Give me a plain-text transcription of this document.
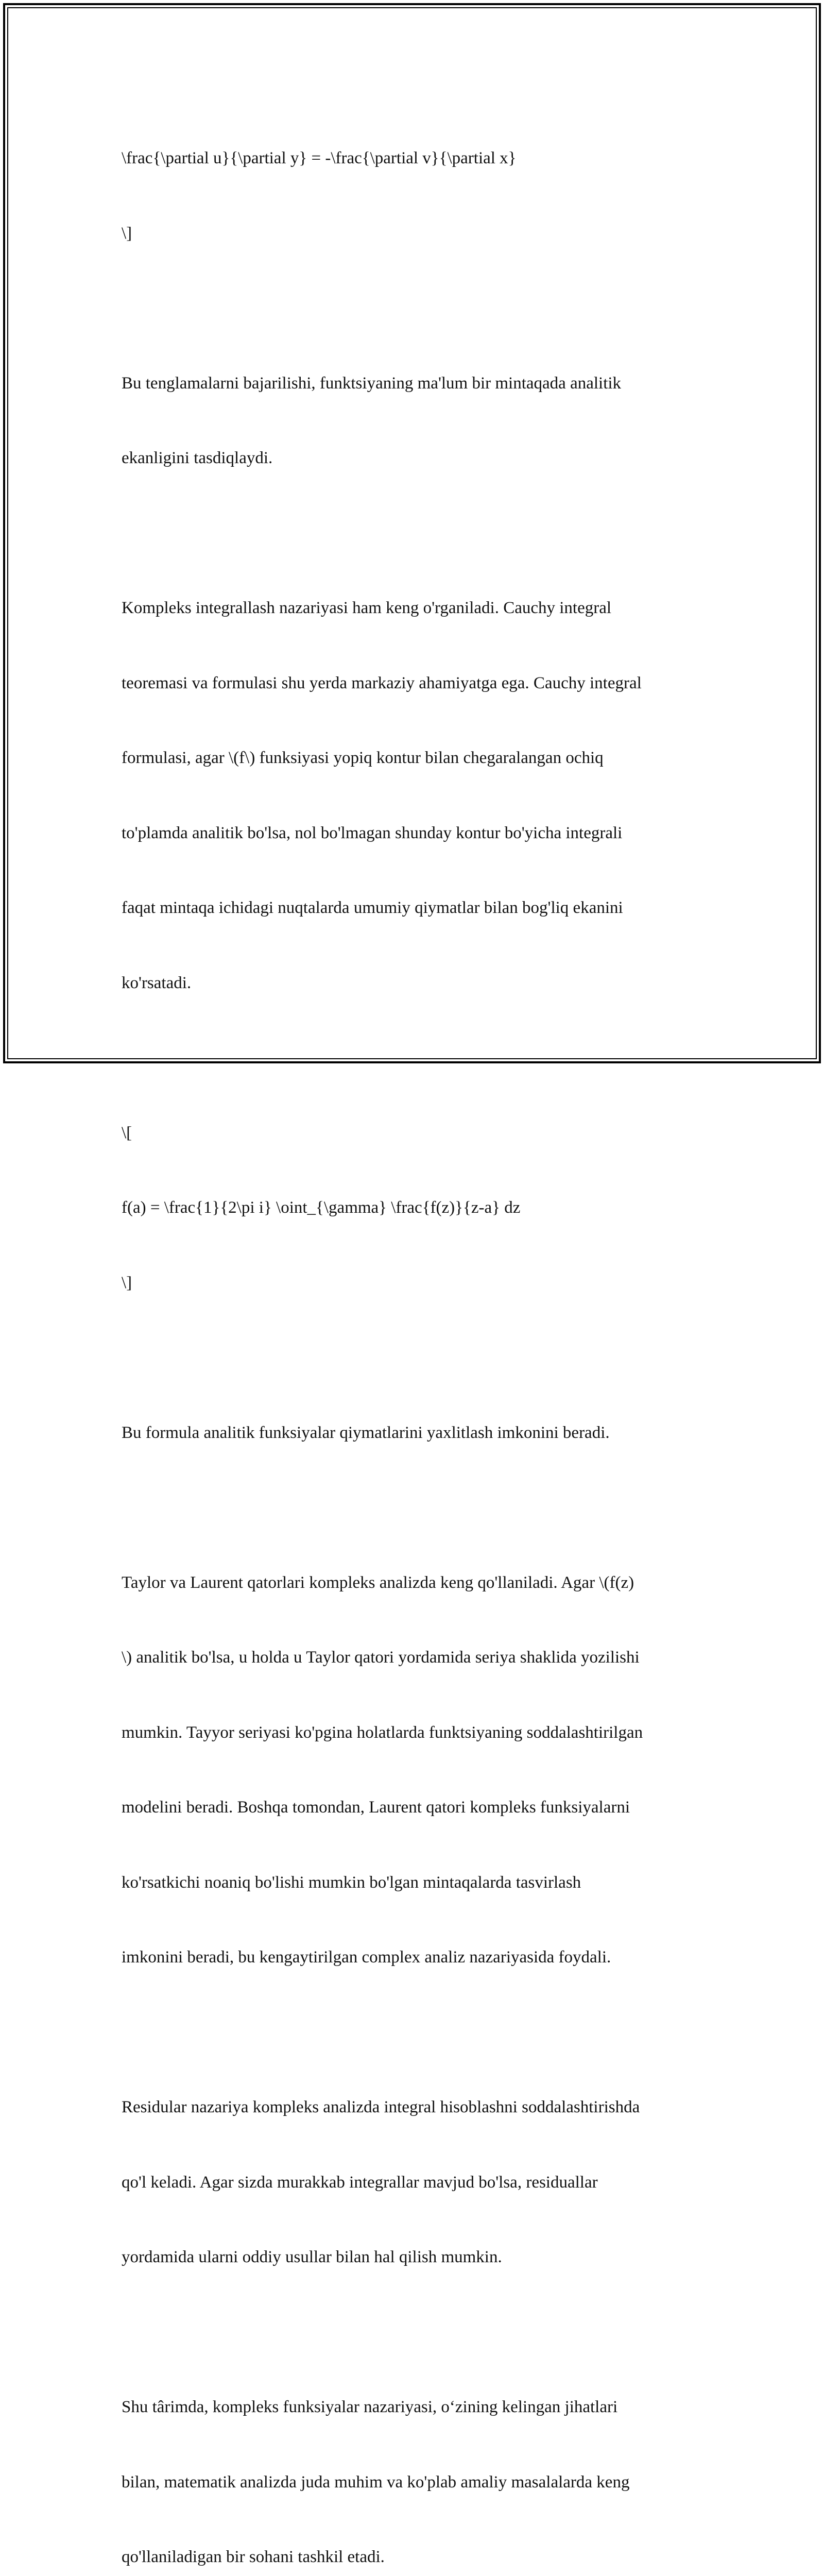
\frac{\partial u}{\partial y} = -\frac{\partial v}{\partial x}

\]

Bu tenglamalarni bajarilishi, funktsiyaning ma'lum bir mintaqada analitik

ekanligini tasdiqlaydi.

Kompleks integrallash nazariyasi ham keng o'rganiladi. Cauchy integral

teoremasi va formulasi shu yerda markaziy ahamiyatga ega. Cauchy integral

formulasi, agar \(f\) funksiyasi yopiq kontur bilan chegaralangan ochiq

to'plamda analitik bo'lsa, nol bo'lmagan shunday kontur bo'yicha integrali

faqat mintaqa ichidagi nuqtalarda umumiy qiymatlar bilan bog'liq ekanini

ko'rsatadi.

\[

f(a) = \frac{1}{2\pi i} \oint_{\gamma} \frac{f(z)}{z-a} dz

\]

Bu formula analitik funksiyalar qiymatlarini yaxlitlash imkonini beradi.

Taylor va Laurent qatorlari kompleks analizda keng qo'llaniladi. Agar \(f(z)

\) analitik bo'lsa, u holda u Taylor qatori yordamida seriya shaklida yozilishi

mumkin. Tayyor seriyasi ko'pgina holatlarda funktsiyaning soddalashtirilgan

modelini beradi. Boshqa tomondan, Laurent qatori kompleks funksiyalarni

ko'rsatkichi noaniq bo'lishi mumkin bo'lgan mintaqalarda tasvirlash

imkonini beradi, bu kengaytirilgan complex analiz nazariyasida foydali.

Residular nazariya kompleks analizda integral hisoblashni soddalashtirishda

qo'l keladi. Agar sizda murakkab integrallar mavjud bo'lsa, residuallar

yordamida ularni oddiy usullar bilan hal qilish mumkin.

Shu târimda, kompleks funksiyalar nazariyasi, o‘zining kelingan jihatlari

bilan, matematik analizda juda muhim va ko'plab amaliy masalalarda keng

qo'llaniladigan bir sohani tashkil etadi.
